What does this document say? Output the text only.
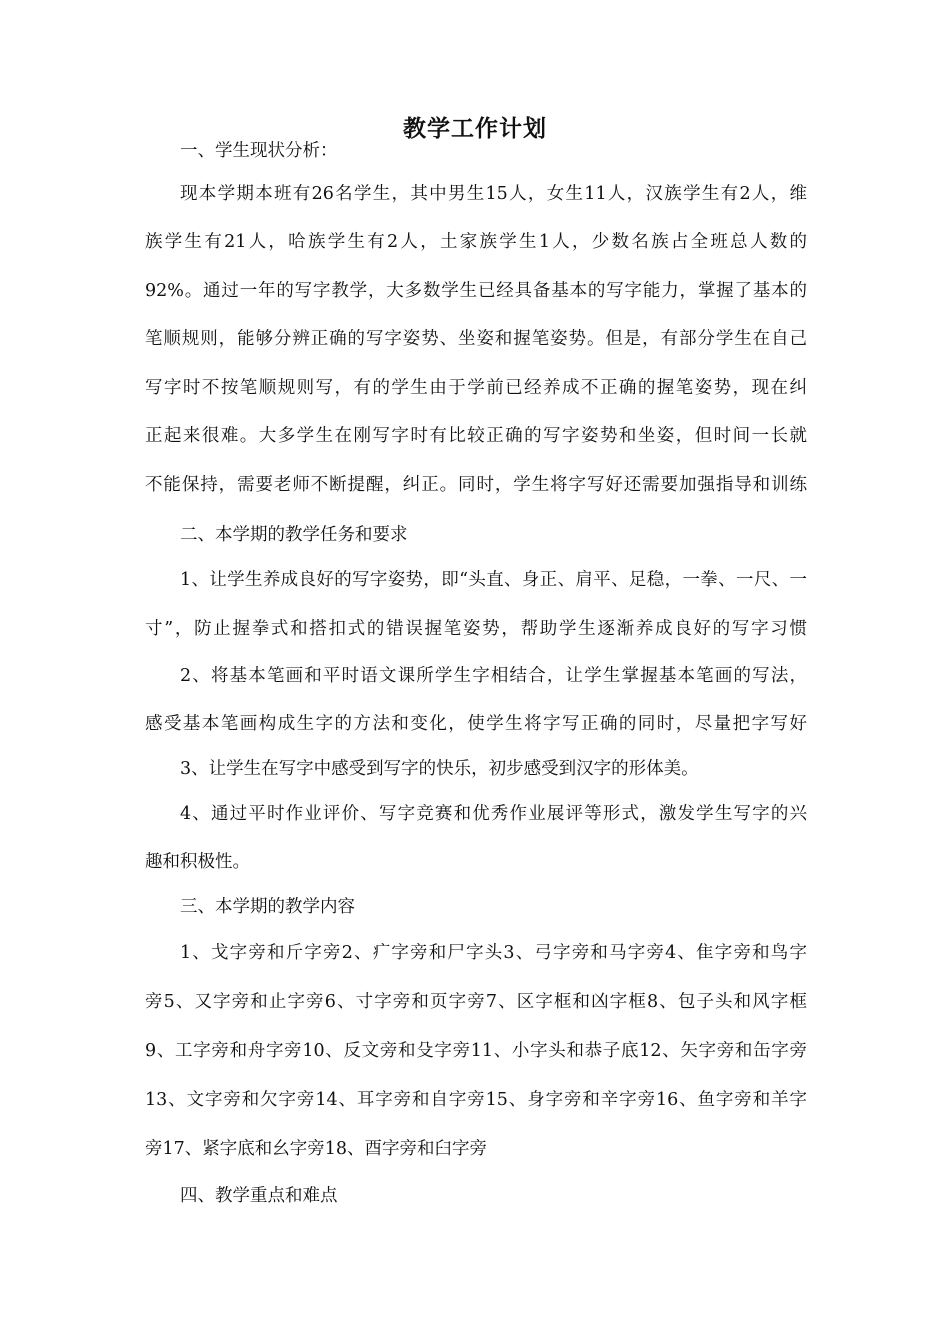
教学工作计划
一、学生现状分析：
现本学期本班有26名学生，其中男生15人，女生11人，汉族学生有2人，维
族学生有21人，哈族学生有2人，土家族学生1人，少数名族占全班总人数的
92%。通过一年的写字教学，大多数学生已经具备基本的写字能力，掌握了基本的
笔顺规则，能够分辨正确的写字姿势、坐姿和握笔姿势。但是，有部分学生在自己
写字时不按笔顺规则写，有的学生由于学前已经养成不正确的握笔姿势，现在纠
正起来很难。大多学生在刚写字时有比较正确的写字姿势和坐姿，但时间一长就
不能保持，需要老师不断提醒，纠正。同时，学生将字写好还需要加强指导和训练
二、本学期的教学任务和要求
1、让学生养成良好的写字姿势，即“头直、身正、肩平、足稳，一拳、一尺、一
寸”，防止握拳式和搭扣式的错误握笔姿势，帮助学生逐渐养成良好的写字习惯
2、将基本笔画和平时语文课所学生字相结合，让学生掌握基本笔画的写法，
感受基本笔画构成生字的方法和变化，使学生将字写正确的同时，尽量把字写好
3、让学生在写字中感受到写字的快乐，初步感受到汉字的形体美。
4、通过平时作业评价、写字竞赛和优秀作业展评等形式，激发学生写字的兴
趣和积极性。
三、本学期的教学内容
1、戈字旁和斤字旁2、疒字旁和尸字头3、弓字旁和马字旁4、隹字旁和鸟字
旁5、又字旁和止字旁6、寸字旁和页字旁7、区字框和凶字框8、包子头和风字框
9、工字旁和舟字旁10、反文旁和殳字旁11、小字头和恭子底12、矢字旁和缶字旁
13、文字旁和欠字旁14、耳字旁和自字旁15、身字旁和辛字旁16、鱼字旁和羊字
旁17、紧字底和幺字旁18、酉字旁和臼字旁
四、教学重点和难点
